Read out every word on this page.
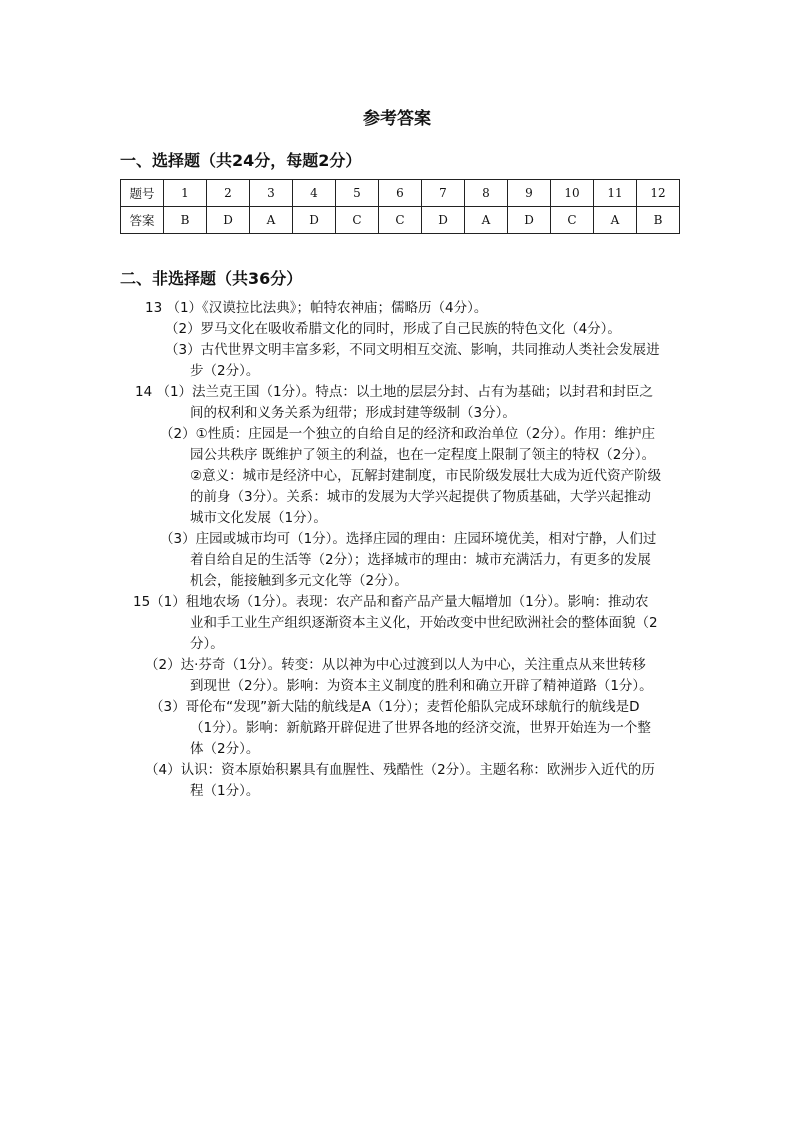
参考答案
一、选择题（共24分，每题2分）
题号	1	2	3	4	5	6	7	8	9	10	11	12
答案	B	D	A	D	C	C	D	A	D	C	A	B
二、非选择题（共36分）
13 （1）《汉谟拉比法典》；帕特农神庙；儒略历（4分）。
（2）罗马文化在吸收希腊文化的同时，形成了自己民族的特色文化（4分）。
（3）古代世界文明丰富多彩，不同文明相互交流、影响，共同推动人类社会发展进
步（2分）。
14 （1）法兰克王国（1分）。特点：以土地的层层分封、占有为基础；以封君和封臣之
间的权利和义务关系为纽带；形成封建等级制（3分）。
（2）①性质：庄园是一个独立的自给自足的经济和政治单位（2分）。作用：维护庄
园公共秩序 既维护了领主的利益，也在一定程度上限制了领主的特权（2分）。
②意义：城市是经济中心，瓦解封建制度，市民阶级发展壮大成为近代资产阶级
的前身（3分）。关系：城市的发展为大学兴起提供了物质基础，大学兴起推动
城市文化发展（1分）。
（3）庄园或城市均可（1分）。选择庄园的理由：庄园环境优美，相对宁静，人们过
着自给自足的生活等（2分）；选择城市的理由：城市充满活力，有更多的发展
机会，能接触到多元文化等（2分）。
15（1）租地农场（1分）。表现：农产品和畜产品产量大幅增加（1分）。影响：推动农
业和手工业生产组织逐渐资本主义化，开始改变中世纪欧洲社会的整体面貌（2
分）。
（2）达·芬奇（1分）。转变：从以神为中心过渡到以人为中心，关注重点从来世转移
到现世（2分）。影响：为资本主义制度的胜利和确立开辟了精神道路（1分）。
（3）哥伦布“发现”新大陆的航线是A（1分）；麦哲伦船队完成环球航行的航线是D
（1分）。影响：新航路开辟促进了世界各地的经济交流，世界开始连为一个整
体（2分）。
（4）认识：资本原始积累具有血腥性、残酷性（2分）。主题名称：欧洲步入近代的历
程（1分）。
